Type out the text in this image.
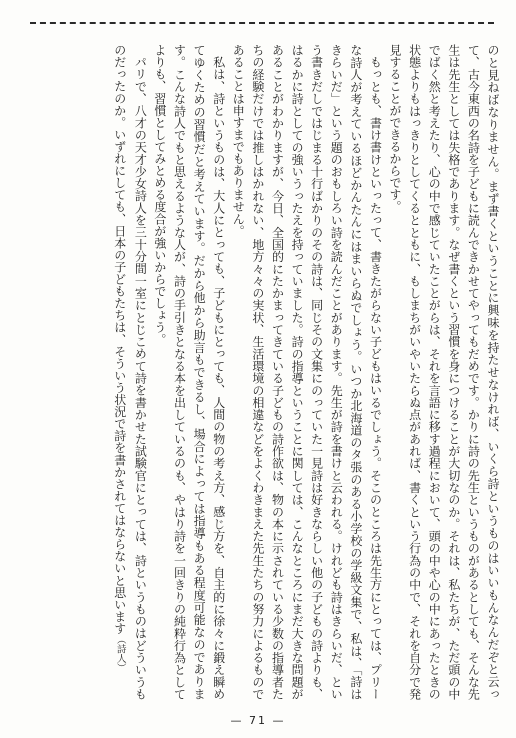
のと見ねばなりません。まず書くということに興味を持たせなければ、いくら詩というものはいいもんなんだぞと云って、古今東西の名詩を子どもに読んできかせてやってもだめです。かりに詩の先生というものがあるとしても、そんな先生は先生としては失格であります。なぜ書くという習慣を身につけることが大切なのか。それは、私たちが、ただ頭の中でばく然と考えたり、心の中で感じていたことがらは、それを言語に移す過程において、頭の中や心の中にあったときの状態よりもはっきりとしてくるとともに、もしまちがいやいたらぬ点があれば、書くという行為の中で、それを自分で発見することができるからです。

もっとも、書け書けといったって、書きたがらない子どもはいるでしょう。そこのところは先生方にとっては、プリーな詩人が考えているほどかんたんにはまいらぬでしょう。いつか北海道のタ張のある小学校の学級文集で、私は、「詩はきらいだ」という題のおもしろい詩を読んだことがあります。先生が詩を書けと云われる。けれども詩はきらいだ、という書きだしではじまる十行ばかりのその詩は、同じその文集にのっていた一見詩は好きならしい他の子どもの詩よりも、はるかに詩としての強いうったえを持っていました。詩の指導ということに関しては、こんなところにまだ大きな問題があることがわかりますが、今日、全国的にたかまってきている子どもの詩作欲は、物の本に示されている少数の指導者たちの経験だけでは推しはかれない、地方々々の実状、生活環境の相違などをよくわきまえた先生たちの努力によるものであることは申すまでもありません。

私は、詩というものは、大人にとっても、子どもにとっても、人間の物の考え方、感じ方を、自主的に徐々に鍛え瞬めてゆくための習慣だと考えています。だから他から助言もできるし、場合によっては指導もある程度可能なのであります。こんな詩人でもと思えるような人が、詩の手引きとなる本を出しているのも、やはり詩を一回きりの純粋行為としてよりも、習慣としてみとめる度合が強いからでしょう。

パリで、八才の天才少女詩人を三十分間一室にとじこめて詩を書かせた試験官にとっては、詩というものはどういうものだったのか。いずれにしても、日本の子どもたちは、そういう状況で詩を書かされてはならないと思います（詩人）

— 71 —
